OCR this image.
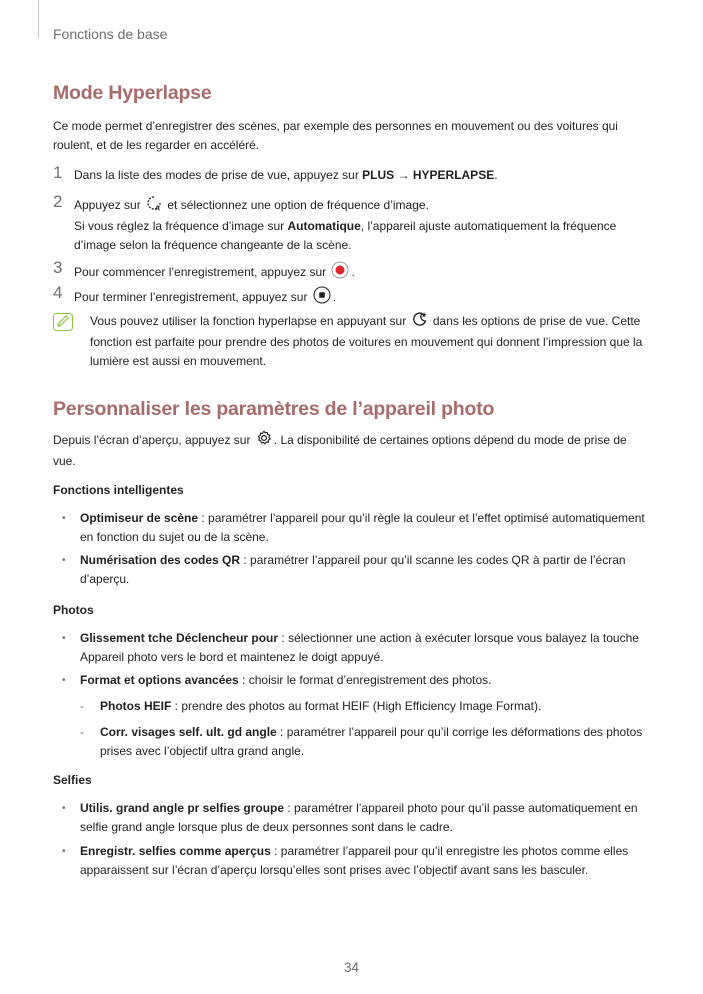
Fonctions de base
Mode Hyperlapse
Ce mode permet d’enregistrer des scènes, par exemple des personnes en mouvement ou des voitures qui roulent, et de les regarder en accéléré.
1 Dans la liste des modes de prise de vue, appuyez sur PLUS → HYPERLAPSE.
2 Appuyez sur A et sélectionnez une option de fréquence d’image.
Si vous réglez la fréquence d’image sur Automatique, l’appareil ajuste automatiquement la fréquence d’image selon la fréquence changeante de la scène.
3 Pour commencer l’enregistrement, appuyez sur .
4 Pour terminer l’enregistrement, appuyez sur .
Vous pouvez utiliser la fonction hyperlapse en appuyant sur  dans les options de prise de vue. Cette fonction est parfaite pour prendre des photos de voitures en mouvement qui donnent l’impression que la lumière est aussi en mouvement.
Personnaliser les paramètres de l’appareil photo
Depuis l’écran d’aperçu, appuyez sur . La disponibilité de certaines options dépend du mode de prise de vue.
Fonctions intelligentes
• Optimiseur de scène : paramétrer l’appareil pour qu’il règle la couleur et l’effet optimisé automatiquement en fonction du sujet ou de la scène.
• Numérisation des codes QR : paramétrer l’appareil pour qu’il scanne les codes QR à partir de l’écran d’aperçu.
Photos
• Glissement tche Déclencheur pour : sélectionner une action à exécuter lorsque vous balayez la touche Appareil photo vers le bord et maintenez le doigt appuyé.
• Format et options avancées : choisir le format d’enregistrement des photos.
- Photos HEIF : prendre des photos au format HEIF (High Efficiency Image Format).
- Corr. visages self. ult. gd angle : paramétrer l’appareil pour qu’il corrige les déformations des photos prises avec l’objectif ultra grand angle.
Selfies
• Utilis. grand angle pr selfies groupe : paramétrer l’appareil photo pour qu’il passe automatiquement en selfie grand angle lorsque plus de deux personnes sont dans le cadre.
• Enregistr. selfies comme aperçus : paramétrer l’appareil pour qu’il enregistre les photos comme elles apparaissent sur l’écran d’aperçu lorsqu’elles sont prises avec l’objectif avant sans les basculer.
34
